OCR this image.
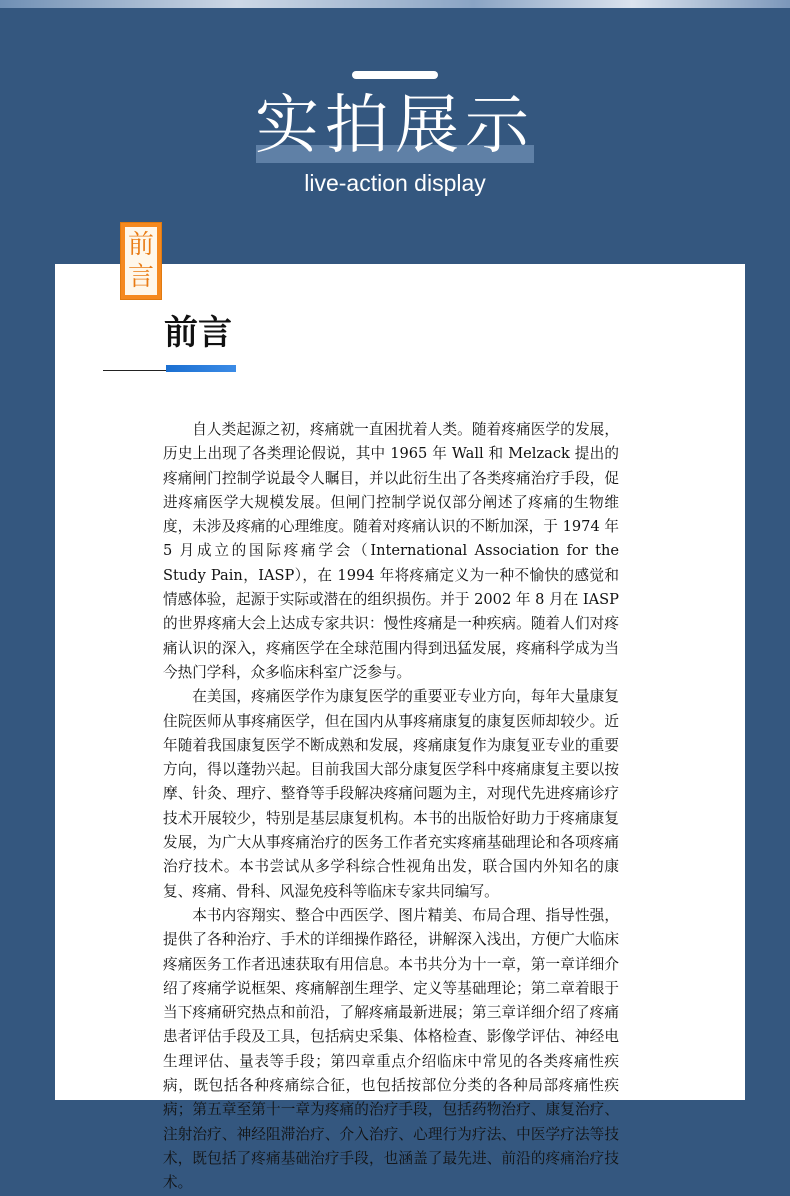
实拍展示
live-action display
前
言
前言

自人类起源之初，疼痛就一直困扰着人类。随着疼痛医学的发展，历史上出现了各类理论假说，其中 1965 年 Wall 和 Melzack 提出的疼痛闸门控制学说最令人瞩目，并以此衍生出了各类疼痛治疗手段，促进疼痛医学大规模发展。但闸门控制学说仅部分阐述了疼痛的生物维度，未涉及疼痛的心理维度。随着对疼痛认识的不断加深，于 1974 年 5 月成立的国际疼痛学会（International Association for the Study Pain，IASP），在 1994 年将疼痛定义为一种不愉快的感觉和情感体验，起源于实际或潜在的组织损伤。并于 2002 年 8 月在 IASP 的世界疼痛大会上达成专家共识：慢性疼痛是一种疾病。随着人们对疼痛认识的深入，疼痛医学在全球范围内得到迅猛发展，疼痛科学成为当今热门学科，众多临床科室广泛参与。

在美国，疼痛医学作为康复医学的重要亚专业方向，每年大量康复住院医师从事疼痛医学，但在国内从事疼痛康复的康复医师却较少。近年随着我国康复医学不断成熟和发展，疼痛康复作为康复亚专业的重要方向，得以蓬勃兴起。目前我国大部分康复医学科中疼痛康复主要以按摩、针灸、理疗、整脊等手段解决疼痛问题为主，对现代先进疼痛诊疗技术开展较少，特别是基层康复机构。本书的出版恰好助力于疼痛康复发展，为广大从事疼痛治疗的医务工作者充实疼痛基础理论和各项疼痛治疗技术。本书尝试从多学科综合性视角出发，联合国内外知名的康复、疼痛、骨科、风湿免疫科等临床专家共同编写。

本书内容翔实、整合中西医学、图片精美、布局合理、指导性强，提供了各种治疗、手术的详细操作路径，讲解深入浅出，方便广大临床疼痛医务工作者迅速获取有用信息。本书共分为十一章，第一章详细介绍了疼痛学说框架、疼痛解剖生理学、定义等基础理论；第二章着眼于当下疼痛研究热点和前沿，了解疼痛最新进展；第三章详细介绍了疼痛患者评估手段及工具，包括病史采集、体格检查、影像学评估、神经电生理评估、量表等手段；第四章重点介绍临床中常见的各类疼痛性疾病，既包括各种疼痛综合征，也包括按部位分类的各种局部疼痛性疾病；第五章至第十一章为疼痛的治疗手段，包括药物治疗、康复治疗、注射治疗、神经阻滞治疗、介入治疗、心理行为疗法、中医学疗法等技术，既包括了疼痛基础治疗手段，也涵盖了最先进、前沿的疼痛治疗技术。
